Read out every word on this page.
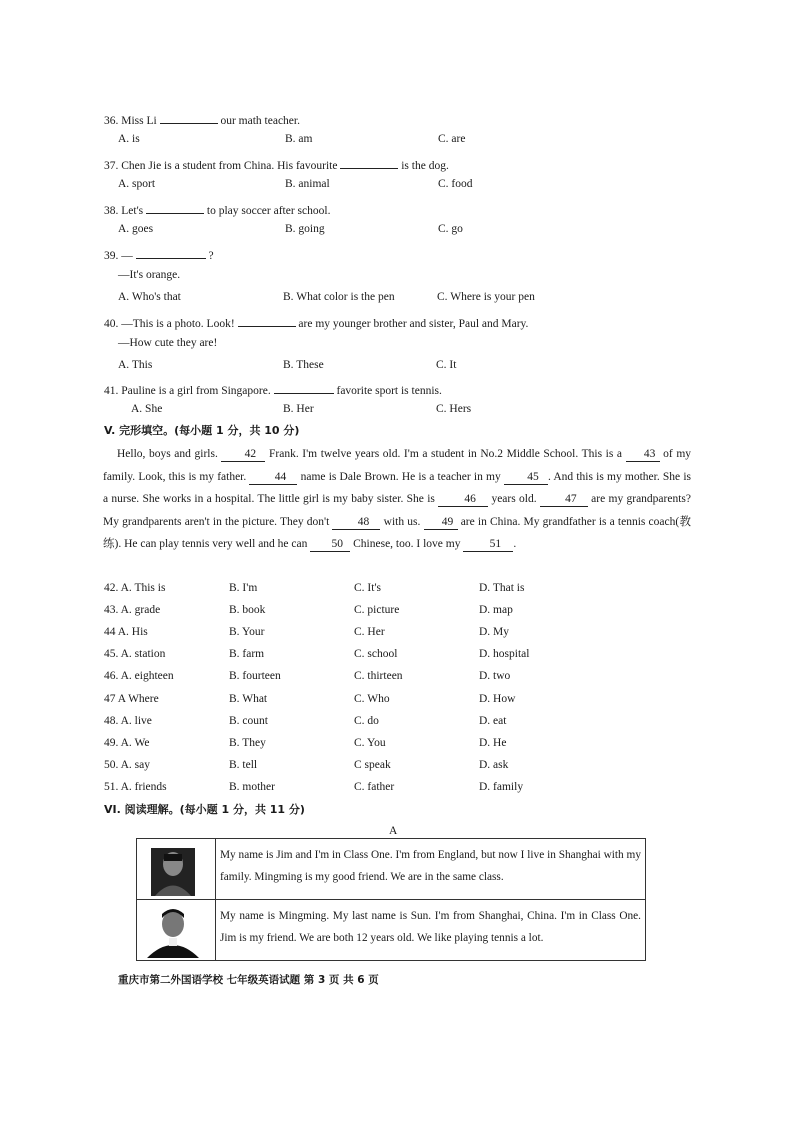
36. Miss Li	our math teacher.
A. is	B. am	C. are
37. Chen Jie is a student from China. His favourite	is the dog.
A. sport	B. animal	C. food
38. Let's	to play soccer after school.
A. goes	B. going	C. go
39. —	?
—It's orange.
A. Who's that	B. What color is the pen	C. Where is your pen
40. —This is a photo. Look!	are my younger brother and sister, Paul and Mary.
—How cute they are!
A. This	B. These	C. It
41. Pauline is a girl from Singapore.	favorite sport is tennis.
A. She	B. Her	C. Hers
V. 完形填空。(每小题 1 分，共 10 分)
Hello, boys and girls. 42 Frank. I'm twelve years old. I'm a student in No.2 Middle School. This is a 43 of my family. Look, this is my father. 44 name is Dale Brown. He is a teacher in my 45 . And this is my mother. She is a nurse. She works in a hospital. The little girl is my baby sister. She is 46 years old. 47 are my grandparents? My grandparents aren't in the picture. They don't 48 with us. 49 are in China. My grandfather is a tennis coach(教练). He can play tennis very well and he can 50 Chinese, too. I love my 51 .
42. A. This is	B. I'm	C. It's	D. That is
43. A. grade	B. book	C. picture	D. map
44 A. His	B. Your	C. Her	D. My
45. A. station	B. farm	C. school	D. hospital
46. A. eighteen	B. fourteen	C. thirteen	D. two
47 A Where	B. What	C. Who	D. How
48. A. live	B. count	C. do	D. eat
49. A. We	B. They	C. You	D. He
50. A. say	B. tell	C speak	D. ask
51. A. friends	B. mother	C. father	D. family
VI. 阅读理解。(每小题 1 分，共 11 分)
A
	My name is Jim and I'm in Class One. I'm from England, but now I live in Shanghai with my family. Mingming is my good friend. We are in the same class.

	My name is Mingming. My last name is Sun. I'm from Shanghai, China. I'm in Class One. Jim is my friend. We are both 12 years old. We like playing tennis a lot.
重庆市第二外国语学校 七年级英语试题 第 3 页 共 6 页
